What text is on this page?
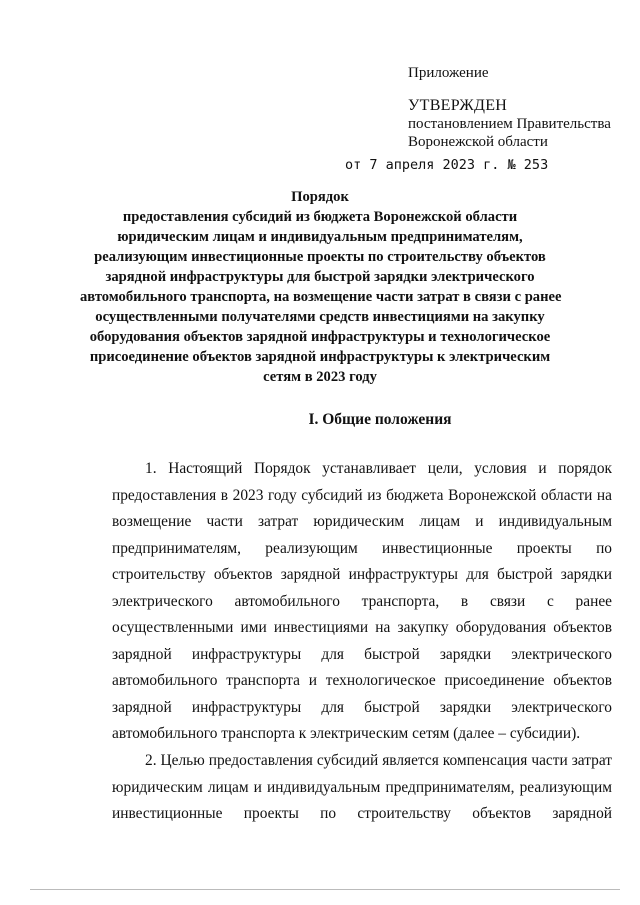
Приложение
УТВЕРЖДЕН
постановлением Правительства
Воронежской области
от 7 апреля 2023 г. № 253
Порядок
предоставления субсидий из бюджета Воронежской области
юридическим лицам и индивидуальным предпринимателям,
реализующим инвестиционные проекты по строительству объектов
зарядной инфраструктуры для быстрой зарядки электрического
автомобильного транспорта, на возмещение части затрат в связи с ранее
осуществленными получателями средств инвестициями на закупку
оборудования объектов зарядной инфраструктуры и технологическое
присоединение объектов зарядной инфраструктуры к электрическим
сетям в 2023 году
I. Общие положения
1. Настоящий Порядок устанавливает цели, условия и порядок
предоставления в 2023 году субсидий из бюджета Воронежской области на
возмещение части затрат юридическим лицам и индивидуальным
предпринимателям, реализующим инвестиционные проекты по
строительству объектов зарядной инфраструктуры для быстрой зарядки
электрического автомобильного транспорта, в связи с ранее
осуществленными ими инвестициями на закупку оборудования объектов
зарядной инфраструктуры для быстрой зарядки электрического
автомобильного транспорта и технологическое присоединение объектов
зарядной инфраструктуры для быстрой зарядки электрического
автомобильного транспорта к электрическим сетям (далее – субсидии).
2. Целью предоставления субсидий является компенсация части затрат
юридическим лицам и индивидуальным предпринимателям, реализующим
инвестиционные проекты по строительству объектов зарядной
